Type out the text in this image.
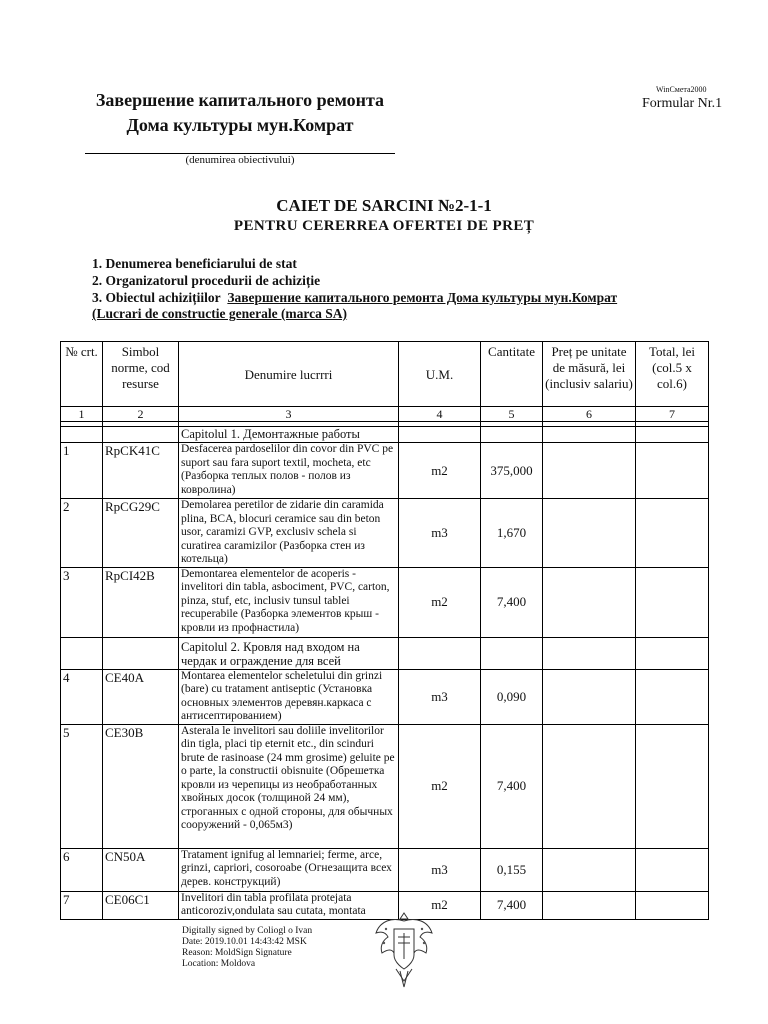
Завершение капитального ремонта Дома культуры мун.Комрат
(denumirea obiectivului)
WinСмета2000
Formular Nr.1
CAIET DE SARCINI №2-1-1
PENTRU CERERREA OFERTEI DE PREȚ
1. Denumerea beneficiarului de stat
2. Organizatorul procedurii de achiziție
3. Obiectul achizițiilor Завершение капитального ремонта Дома культуры мун.Комрат
(Lucrari de constructie generale (marca SA)
№ crt.	Simbol norme, cod resurse	Denumire lucrrri	U.M.	Cantitate	Preț pe unitate de măsură, lei (inclusiv salariu)	Total, lei (col.5 x col.6)
1	2	3	4	5	6	7

		Capitolul 1. Демонтажные работы				
1	RpCK41C	Desfacerea pardoselilor din covor din PVC pe suport sau fara suport textil, mocheta, etc (Разборка теплых полов - полов из ковролина)	m2	375,000		
2	RpCG29C	Demolarea peretilor de zidarie din caramida plina, BCA, blocuri ceramice sau din beton usor, caramizi GVP, exclusiv schela si curatirea caramizilor (Разборка стен из котельца)	m3	1,670		
3	RpCI42B	Demontarea elementelor de acoperis - invelitori din tabla, asbociment, PVC, carton, pinza, stuf, etc, inclusiv tunsul tablei recuperabile (Разборка элементов крыш - кровли из профнастила)	m2	7,400		
		Capitolul 2. Кровля над входом на чердак и ограждение для всей				
4	CE40A	Montarea elementelor scheletului din grinzi (bare) cu tratament antiseptic (Установка основных элементов деревян.каркаса с антисептированием)	m3	0,090		
5	CE30B	Asterala le invelitori sau doliile invelitorilor din tigla, placi tip eternit etc., din scinduri brute de rasinoase (24 mm grosime) geluite pe o parte, la constructii obisnuite (Обрешетка кровли из черепицы из необработанных хвойных досок (толщиной 24 мм), строганных с одной стороны, для обычных сооружений - 0,065м3)	m2	7,400		
6	CN50A	Tratament ignifug al lemnariei; ferme, arce, grinzi, capriori, cosoroabe (Огнезащита всех дерев. конструкций)	m3	0,155		
7	CE06C1	Invelitori din tabla profilata protejata anticoroziv,ondulata sau cutata, montata	m2	7,400		
Digitally signed by Coliogl o Ivan
Date: 2019.10.01 14:43:42 MSK
Reason: MoldSign Signature
Location: Moldova
